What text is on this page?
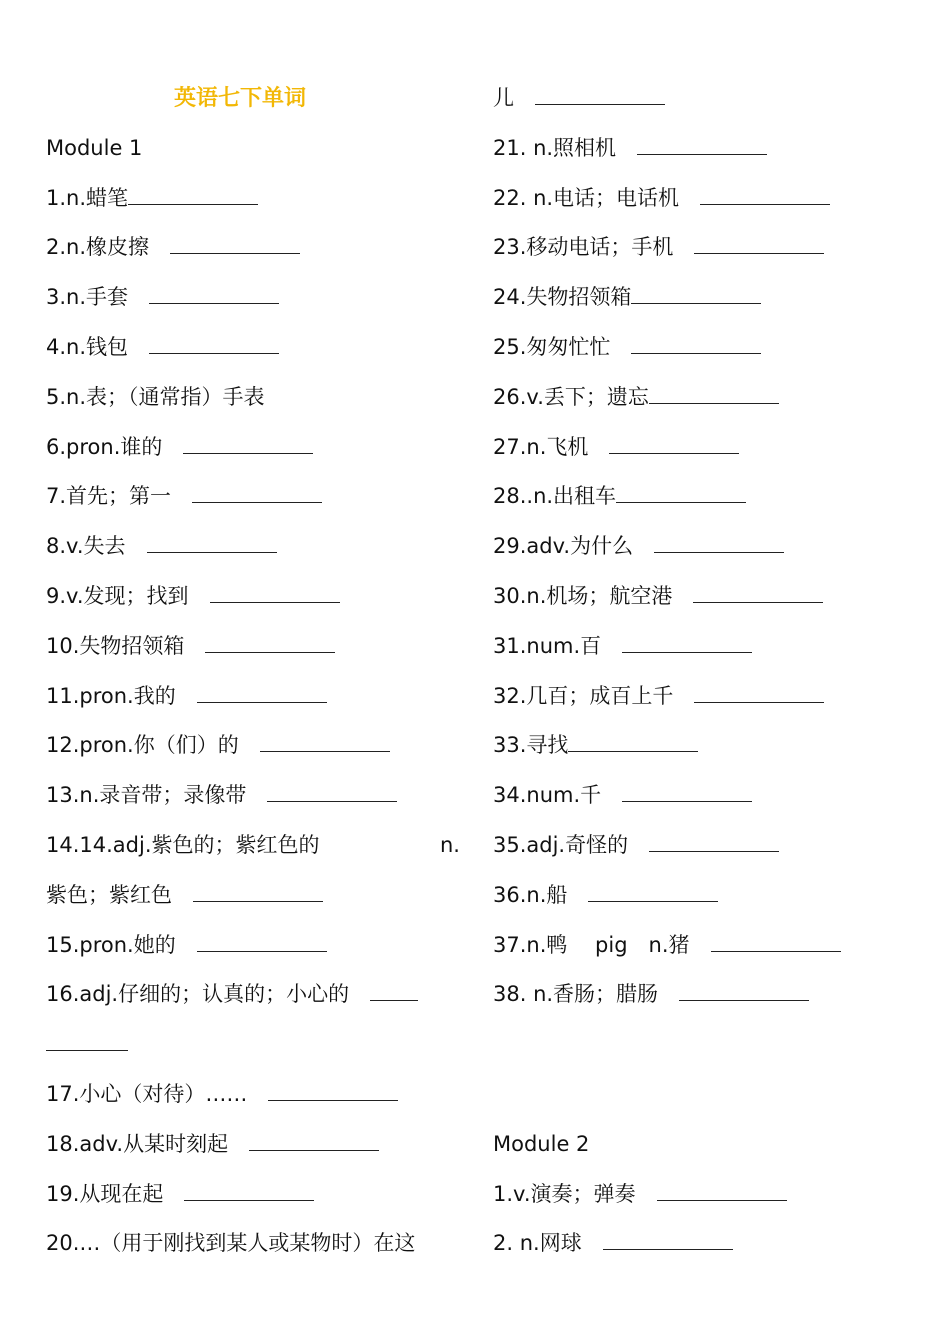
英语七下单词
Module 1
1.n.蜡笔
2.n.橡皮擦 
3.n.手套 
4.n.钱包 
5.n.表；（通常指）手表
6.pron.谁的 
7.首先；第一 
8.v.失去 
9.v.发现；找到 
10.失物招领箱 
11.pron.我的 
12.pron.你（们）的 
13.n.录音带；录像带 
14.14.adj.紫色的；紫红色的	n.
紫色；紫红色 
15.pron.她的 
16.adj.仔细的；认真的；小心的 
17.小心（对待）…… 
18.adv.从某时刻起 
19.从现在起 
20.…（用于刚找到某人或某物时）在这
儿 
21. n.照相机 
22. n.电话；电话机 
23.移动电话；手机 
24.失物招领箱
25.匆匆忙忙 
26.v.丢下；遗忘
27.n.飞机 
28..n.出租车
29.adv.为什么 
30.n.机场；航空港 
31.num.百 
32.几百；成百上千 
33.寻找
34.num.千 
35.adj.奇怪的 
36.n.船 
37.n.鸭　 pig　n.猪 
38. n.香肠；腊肠 
Module 2
1.v.演奏；弹奏 
2. n.网球 
